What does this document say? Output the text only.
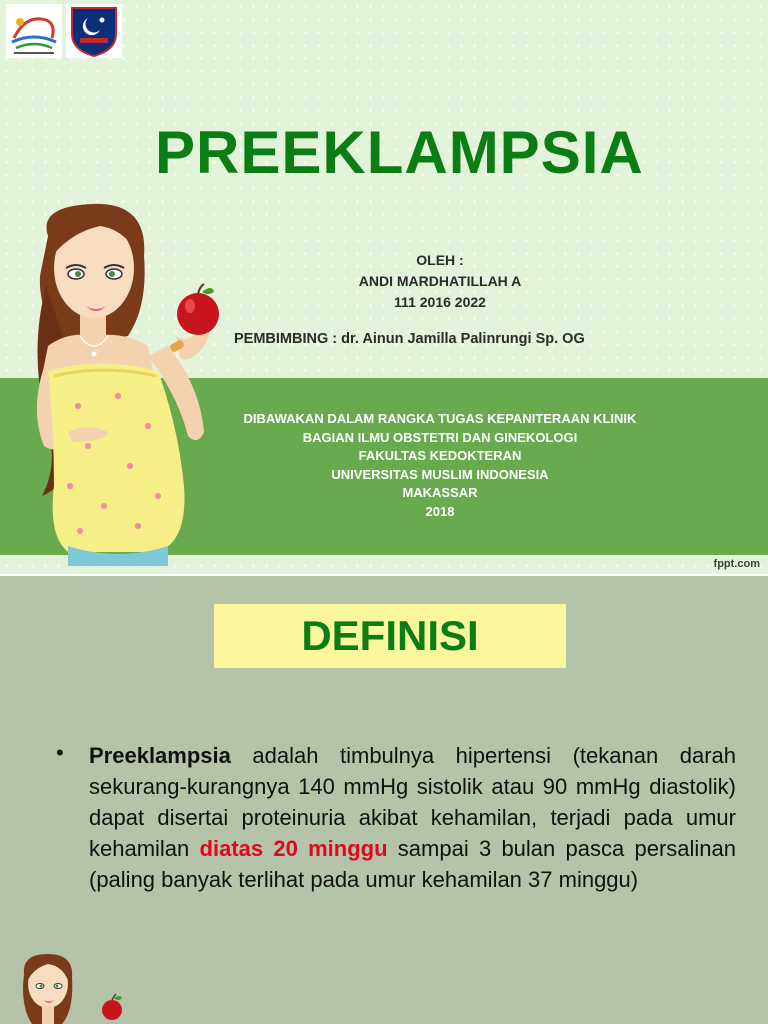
PREEKLAMPSIA
OLEH :
ANDI MARDHATILLAH A
111 2016 2022
PEMBIMBING : dr. Ainun Jamilla Palinrungi Sp. OG
DIBAWAKAN DALAM RANGKA TUGAS KEPANITERAAN KLINIK
BAGIAN ILMU OBSTETRI DAN GINEKOLOGI
FAKULTAS KEDOKTERAN
UNIVERSITAS MUSLIM INDONESIA
MAKASSAR
2018
fppt.com
DEFINISI
• Preeklampsia adalah timbulnya hipertensi (tekanan darah sekurang-kurangnya 140 mmHg sistolik atau 90 mmHg diastolik) dapat disertai proteinuria akibat kehamilan, terjadi pada umur kehamilan diatas 20 minggu sampai 3 bulan pasca persalinan (paling banyak terlihat pada umur kehamilan 37 minggu)
